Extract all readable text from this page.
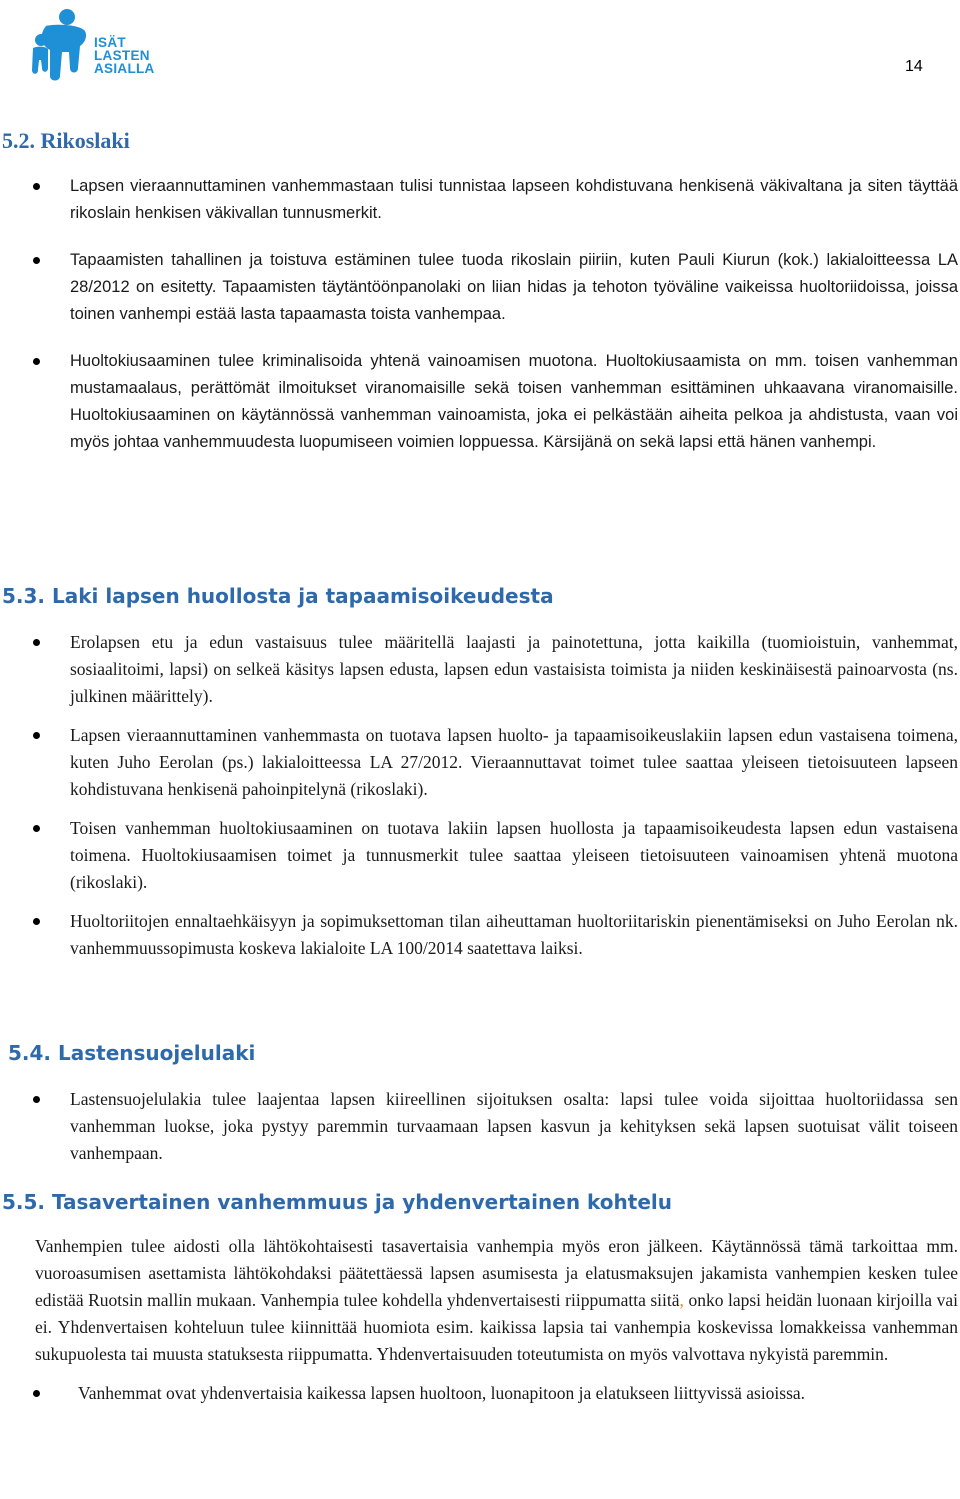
ISÄT
LASTEN
ASIALLA	14
5.2. Rikoslaki
Lapsen vieraannuttaminen vanhemmastaan tulisi tunnistaa lapseen kohdistuvana henkisenä väkivaltana ja siten täyttää rikoslain henkisen väkivallan tunnusmerkit.
Tapaamisten tahallinen ja toistuva estäminen tulee tuoda rikoslain piiriin, kuten Pauli Kiurun (kok.) lakialoitteessa LA 28/2012 on esitetty. Tapaamisten täytäntöönpanolaki on liian hidas ja tehoton työväline vaikeissa huoltoriidoissa, joissa toinen vanhempi estää lasta tapaamasta toista vanhempaa.
Huoltokiusaaminen tulee kriminalisoida yhtenä vainoamisen muotona. Huoltokiusaamista on mm. toisen vanhemman mustamaalaus, perättömät ilmoitukset viranomaisille sekä toisen vanhemman esittäminen uhkaavana viranomaisille. Huoltokiusaaminen on käytännössä vanhemman vainoamista, joka ei pelkästään aiheita pelkoa ja ahdistusta, vaan voi myös johtaa vanhemmuudesta luopumiseen voimien loppuessa. Kärsijänä on sekä lapsi että hänen vanhempi.
5.3. Laki lapsen huollosta ja tapaamisoikeudesta
Erolapsen etu ja edun vastaisuus tulee määritellä laajasti ja painotettuna, jotta kaikilla (tuomioistuin, vanhemmat, sosiaalitoimi, lapsi) on selkeä käsitys lapsen edusta, lapsen edun vastaisista toimista ja niiden keskinäisestä painoarvosta (ns. julkinen määrittely).
Lapsen vieraannuttaminen vanhemmasta on tuotava lapsen huolto- ja tapaamisoikeuslakiin lapsen edun vastaisena toimena, kuten Juho Eerolan (ps.) lakialoitteessa LA 27/2012. Vieraannuttavat toimet tulee saattaa yleiseen tietoisuuteen lapseen kohdistuvana henkisenä pahoinpitelynä (rikoslaki).
Toisen vanhemman huoltokiusaaminen on tuotava lakiin lapsen huollosta ja tapaamisoikeudesta lapsen edun vastaisena toimena. Huoltokiusaamisen toimet ja tunnusmerkit tulee saattaa yleiseen tietoisuuteen vainoamisen yhtenä muotona (rikoslaki).
Huoltoriitojen ennaltaehkäisyyn ja sopimuksettoman tilan aiheuttaman huoltoriitariskin pienentämiseksi on Juho Eerolan nk. vanhemmuussopimusta koskeva lakialoite LA 100/2014 saatettava laiksi.
5.4. Lastensuojelulaki
Lastensuojelulakia tulee laajentaa lapsen kiireellinen sijoituksen osalta: lapsi tulee voida sijoittaa huoltoriidassa sen vanhemman luokse, joka pystyy paremmin turvaamaan lapsen kasvun ja kehityksen sekä lapsen suotuisat välit toiseen vanhempaan.
5.5. Tasavertainen vanhemmuus ja yhdenvertainen kohtelu

Vanhempien tulee aidosti olla lähtökohtaisesti tasavertaisia vanhempia myös eron jälkeen. Käytännössä tämä tarkoittaa mm. vuoroasumisen asettamista lähtökohdaksi päätettäessä lapsen asumisesta ja elatusmaksujen jakamista vanhempien kesken tulee edistää Ruotsin mallin mukaan. Vanhempia tulee kohdella yhdenvertaisesti riippumatta siitä, onko lapsi heidän luonaan kirjoilla vai ei. Yhdenvertaisen kohteluun tulee kiinnittää huomiota esim. kaikissa lapsia tai vanhempia koskevissa lomakkeissa vanhemman sukupuolesta tai muusta statuksesta riippumatta. Yhdenvertaisuuden toteutumista on myös valvottava nykyistä paremmin.

Vanhemmat ovat yhdenvertaisia kaikessa lapsen huoltoon, luonapitoon ja elatukseen liittyvissä asioissa.
